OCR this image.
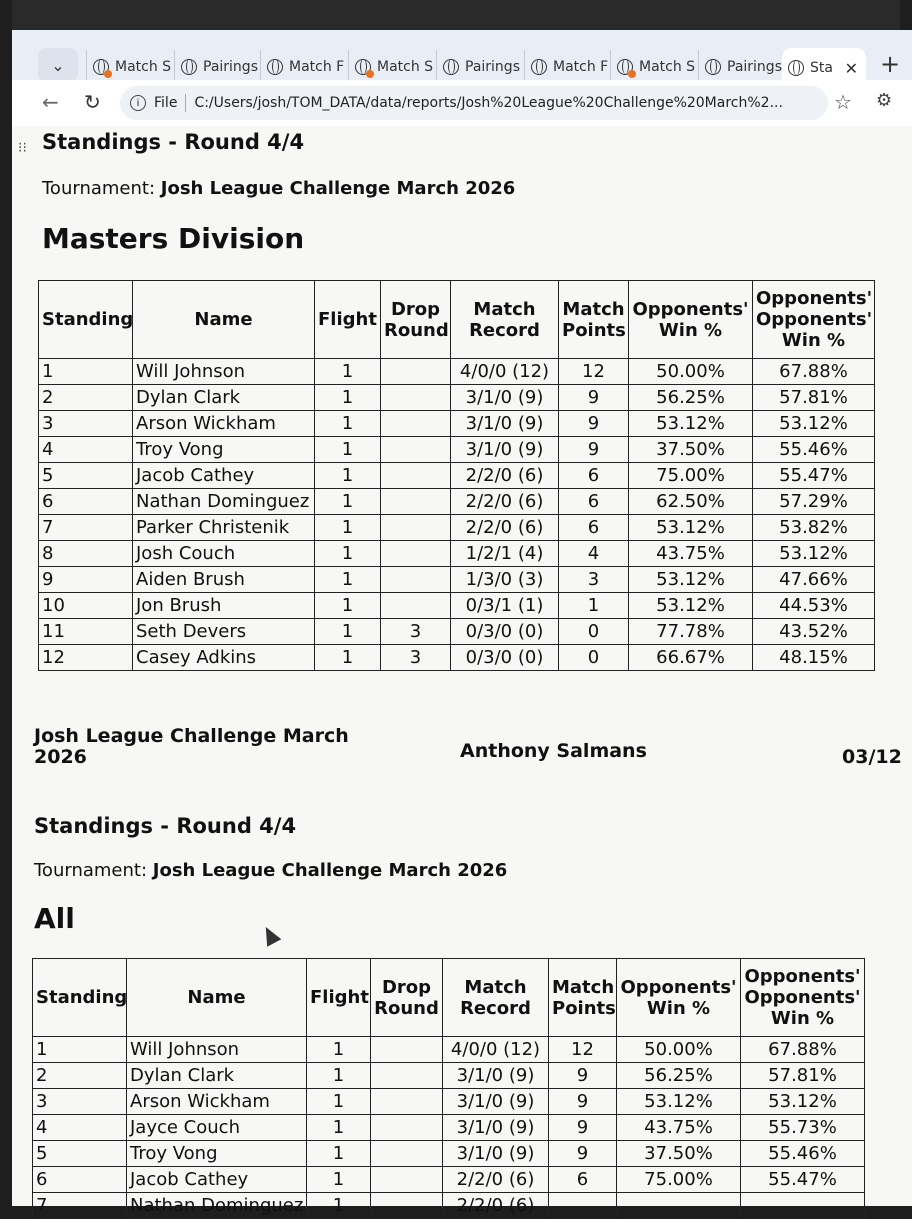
⌄	Match S Pairings Match F Match S Pairings Match F Match S Pairings Sta ✕ +
← ↻	i	File C:/Users/josh/TOM_DATA/data/reports/Josh%20League%20Challenge%20March%2...	☆ ⚙
⁝⁝ Standings - Round 4/4
Tournament: Josh League Challenge March 2026
Masters Division
Standing	Name	Flight	Drop Round	Match Record	Match Points	Opponents' Win %	Opponents' Opponents' Win %
1	Will Johnson	1		4/0/0 (12)	12	50.00%	67.88%
2	Dylan Clark	1		3/1/0 (9)	9	56.25%	57.81%
3	Arson Wickham	1		3/1/0 (9)	9	53.12%	53.12%
4	Troy Vong	1		3/1/0 (9)	9	37.50%	55.46%
5	Jacob Cathey	1		2/2/0 (6)	6	75.00%	55.47%
6	Nathan Dominguez	1		2/2/0 (6)	6	62.50%	57.29%
7	Parker Christenik	1		2/2/0 (6)	6	53.12%	53.82%
8	Josh Couch	1		1/2/1 (4)	4	43.75%	53.12%
9	Aiden Brush	1		1/3/0 (3)	3	53.12%	47.66%
10	Jon Brush	1		0/3/1 (1)	1	53.12%	44.53%
11	Seth Devers	1	3	0/3/0 (0)	0	77.78%	43.52%
12	Casey Adkins	1	3	0/3/0 (0)	0	66.67%	48.15%
Josh League Challenge March 2026	Anthony Salmans	03/12
Standings - Round 4/4
Tournament: Josh League Challenge March 2026
All
Standing	Name	Flight	Drop Round	Match Record	Match Points	Opponents' Win %	Opponents' Opponents' Win %
1	Will Johnson	1		4/0/0 (12)	12	50.00%	67.88%
2	Dylan Clark	1		3/1/0 (9)	9	56.25%	57.81%
3	Arson Wickham	1		3/1/0 (9)	9	53.12%	53.12%
4	Jayce Couch	1		3/1/0 (9)	9	43.75%	55.73%
5	Troy Vong	1		3/1/0 (9)	9	37.50%	55.46%
6	Jacob Cathey	1		2/2/0 (6)	6	75.00%	55.47%
7	Nathan Dominguez	1		2/2/0 (6)			
